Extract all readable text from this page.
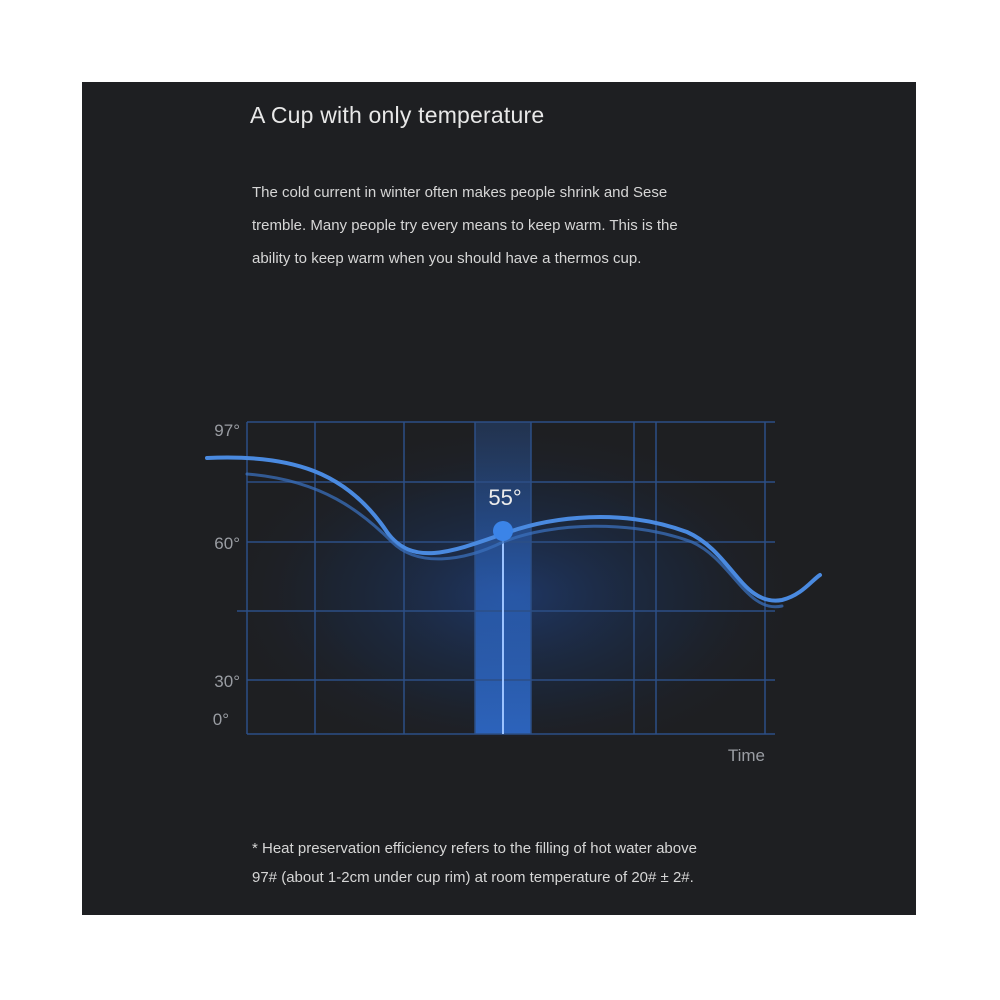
A Cup with only temperature

The cold current in winter often makes people shrink and Sese
tremble. Many people try every means to keep warm. This is the
ability to keep warm when you should have a thermos cup.

55°
97°
60°
30°
0°
Time

* Heat preservation efficiency refers to the filling of hot water above
97# (about 1-2cm under cup rim) at room temperature of 20# ± 2#.
